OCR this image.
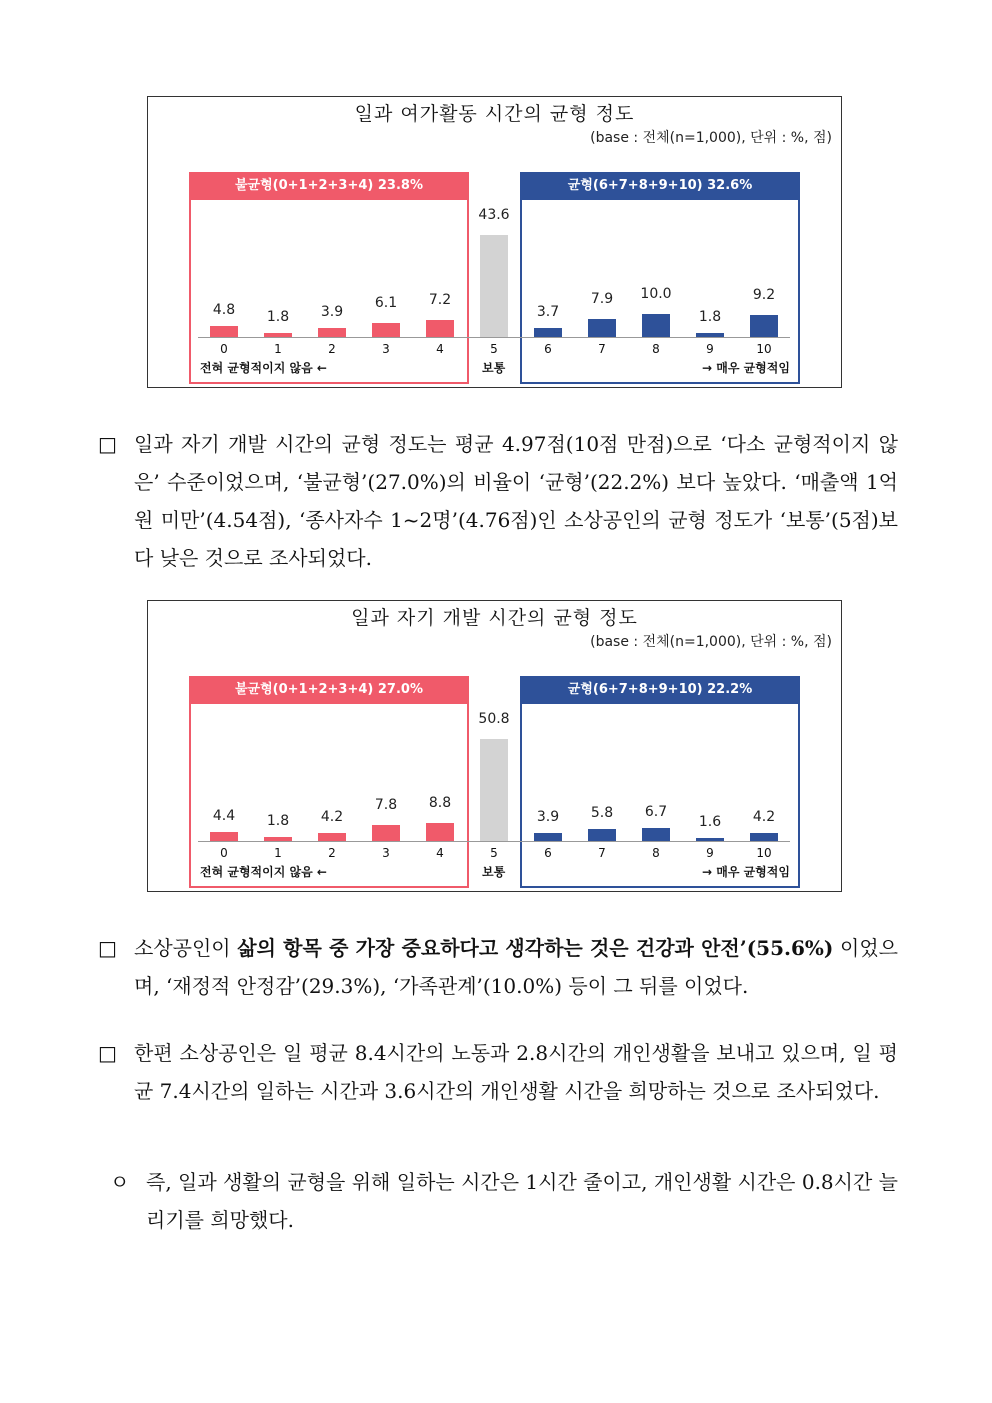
일과 여가활동 시간의 균형 정도
(base : 전체(n=1,000), 단위 : %, 점)
불균형(0+1+2+3+4) 23.8%	균형(6+7+8+9+10) 32.6%
전혀 균형적이지 않음 ←	보통	→ 매우 균형적임
4.8
0
1.8
1
3.9
2
6.1
3
7.2
4
43.6
5
3.7
6
7.9
7
10.0
8
1.8
9
9.2
10
□ 일과 자기 개발 시간의 균형 정도는 평균 4.97점(10점 만점)으로 ‘다소 균형적이지 않은’ 수준이었으며, ‘불균형’(27.0%)의 비율이 ‘균형’(22.2%) 보다 높았다. ‘매출액 1억원 미만’(4.54점), ‘종사자수 1~2명’(4.76점)인 소상공인의 균형 정도가 ‘보통’(5점)보다 낮은 것으로 조사되었다.
일과 자기 개발 시간의 균형 정도
(base : 전체(n=1,000), 단위 : %, 점)
불균형(0+1+2+3+4) 27.0%	균형(6+7+8+9+10) 22.2%
전혀 균형적이지 않음 ←	보통	→ 매우 균형적임
4.4
0
1.8
1
4.2
2
7.8
3
8.8
4
50.8
5
3.9
6
5.8
7
6.7
8
1.6
9
4.2
10
□ 소상공인이 삶의 항목 중 가장 중요하다고 생각하는 것은 건강과 안전’(55.6%) 이었으며, ‘재정적 안정감’(29.3%), ‘가족관계’(10.0%) 등이 그 뒤를 이었다.
□ 한편 소상공인은 일 평균 8.4시간의 노동과 2.8시간의 개인생활을 보내고 있으며, 일 평균 7.4시간의 일하는 시간과 3.6시간의 개인생활 시간을 희망하는 것으로 조사되었다.
ㅇ 즉, 일과 생활의 균형을 위해 일하는 시간은 1시간 줄이고, 개인생활 시간은 0.8시간 늘리기를 희망했다.
